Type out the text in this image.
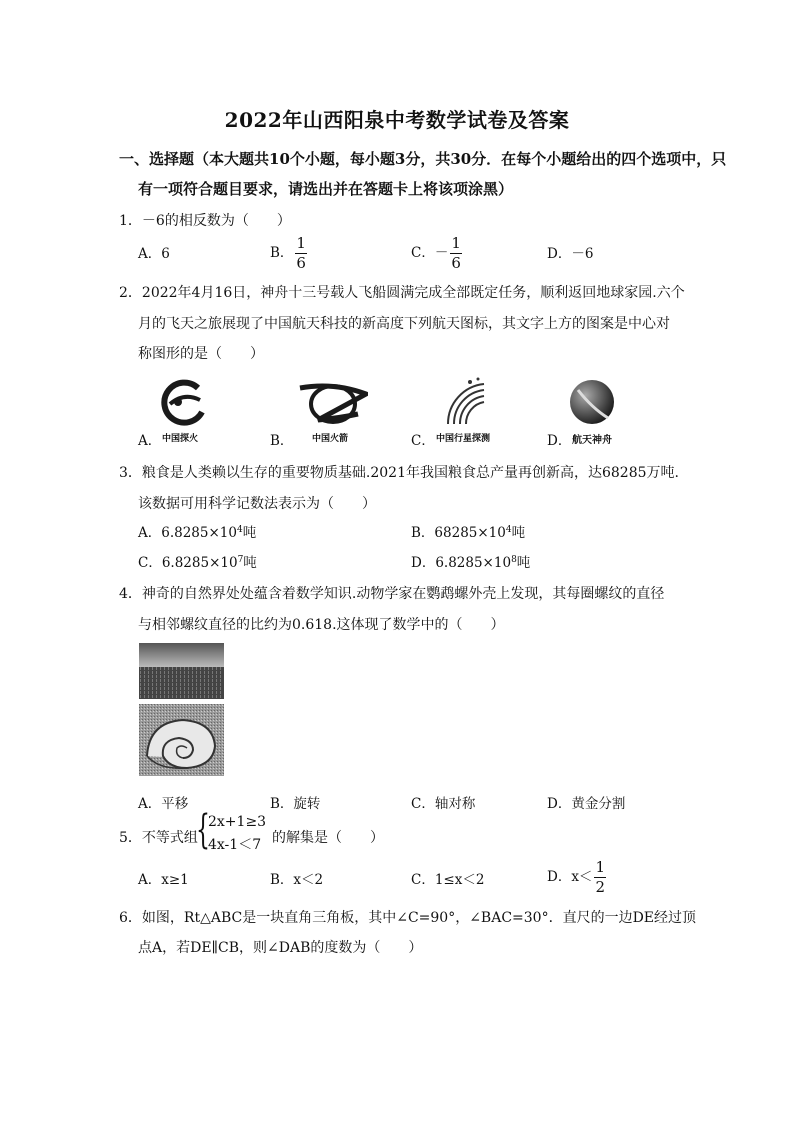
2022年山西阳泉中考数学试卷及答案
一、选择题（本大题共10个小题，每小题3分，共30分．在每个小题给出的四个选项中，只
有一项符合题目要求，请选出并在答题卡上将该项涂黑）
1．－6的相反数为（　　）
A．6	B． $\frac{1}{6}$	C．－ $\frac{1}{6}$	D．－6
2．2022年4月16日，神舟十三号载人飞船圆满完成全部既定任务，顺利返回地球家园.六个
月的飞天之旅展现了中国航天科技的新高度下列航天图标，其文字上方的图案是中心对
称图形的是（　　）
A． 中国探火	B． 中国火箭	C． 中国行星探测	D． 航天神舟
3．粮食是人类赖以生存的重要物质基础.2021年我国粮食总产量再创新高，达68285万吨.
该数据可用科学记数法表示为（　　）
A．$6.8285\times 10^4$吨	B．$68285\times 10^4$吨
C．$6.8285\times 10^7$吨	D．$6.8285\times 10^8$吨
4．神奇的自然界处处蕴含着数学知识.动物学家在鹦鹉螺外壳上发现，其每圈螺纹的直径
与相邻螺纹直径的比约为0.618.这体现了数学中的（　　）
A．平移	B．旋转	C．轴对称	D．黄金分割
5．不等式组
{
2x+1≥3
4x-1＜7 的解集是（　　）
A．x≥1	B．x＜2	C．1≤x＜2	D．$x< \frac{1}{2}$
6．如图，Rt△ABC是一块直角三角板，其中∠C=90°，∠BAC=30°．直尺的一边DE经过顶
点A，若DE∥CB，则∠DAB的度数为（　　）
